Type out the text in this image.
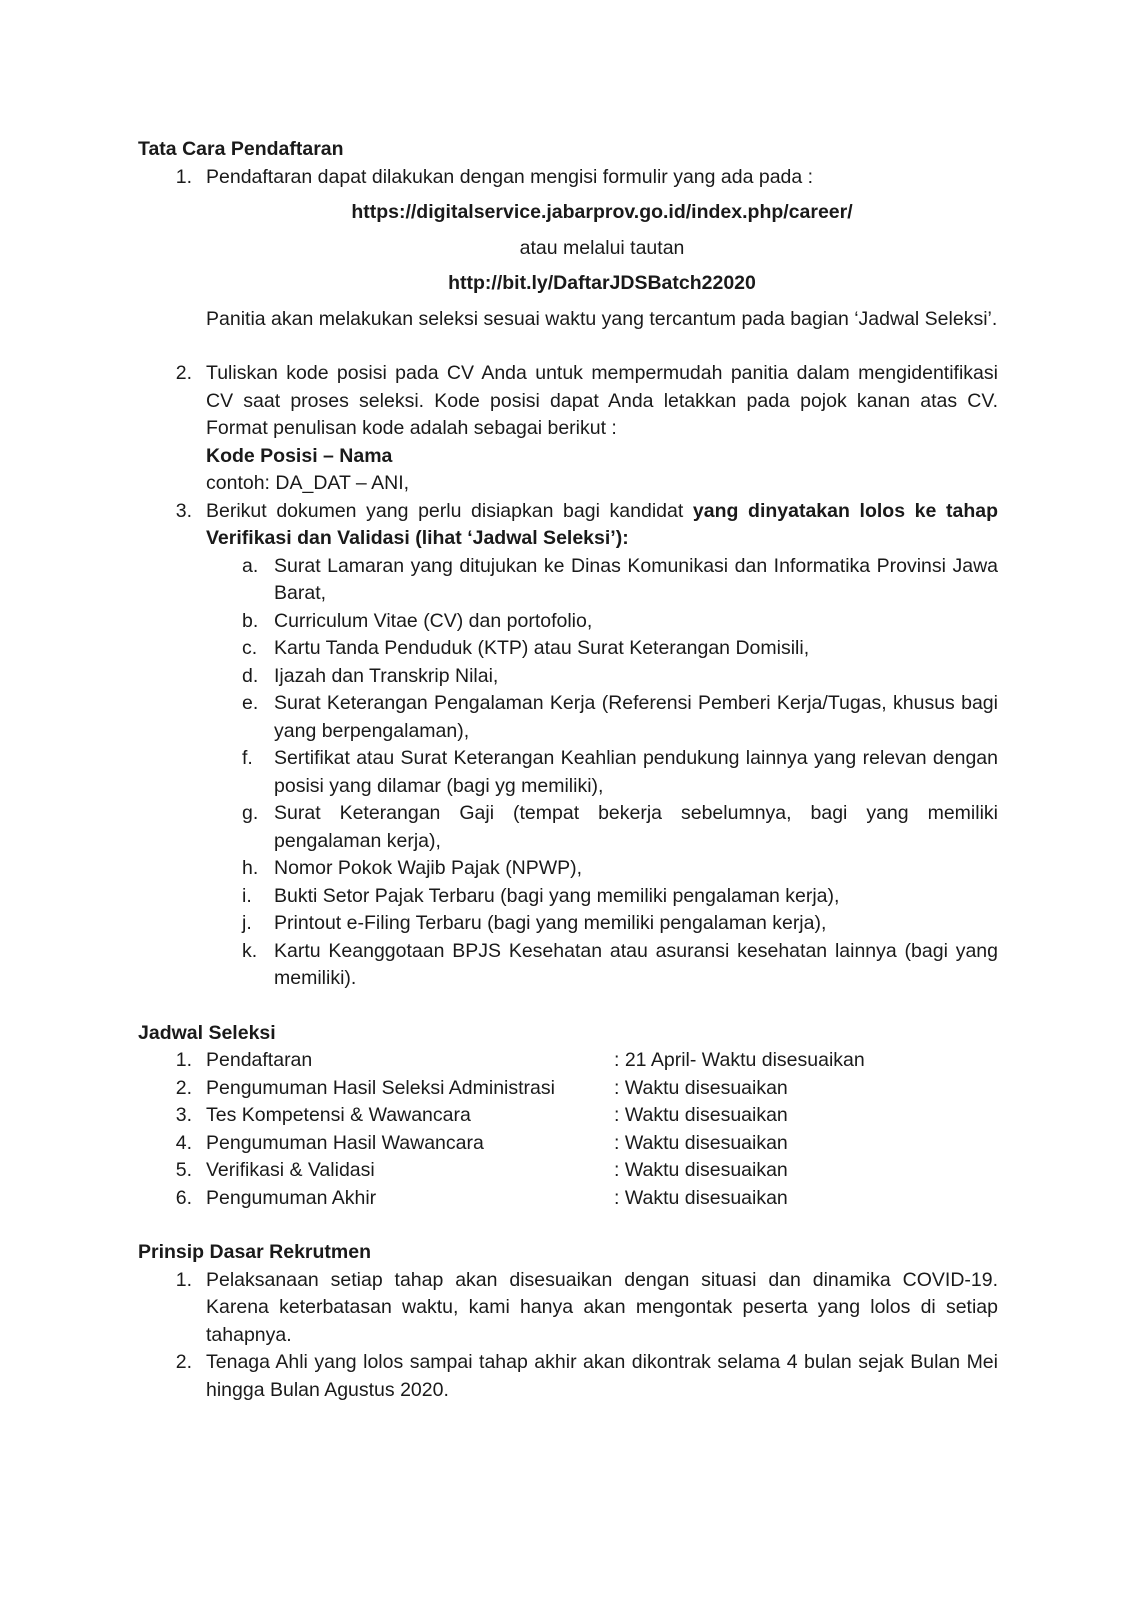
Tata Cara Pendaftaran
1. Pendaftaran dapat dilakukan dengan mengisi formulir yang ada pada :
https://digitalservice.jabarprov.go.id/index.php/career/
atau melalui tautan
http://bit.ly/DaftarJDSBatch22020
Panitia akan melakukan seleksi sesuai waktu yang tercantum pada bagian ‘Jadwal Seleksi’.
2. Tuliskan kode posisi pada CV Anda untuk mempermudah panitia dalam mengidentifikasi CV saat proses seleksi. Kode posisi dapat Anda letakkan pada pojok kanan atas CV. Format penulisan kode adalah sebagai berikut :
Kode Posisi – Nama
contoh: DA_DAT – ANI,
3. Berikut dokumen yang perlu disiapkan bagi kandidat yang dinyatakan lolos ke tahap Verifikasi dan Validasi (lihat ‘Jadwal Seleksi’):
a. Surat Lamaran yang ditujukan ke Dinas Komunikasi dan Informatika Provinsi Jawa Barat,
b. Curriculum Vitae (CV) dan portofolio,
c. Kartu Tanda Penduduk (KTP) atau Surat Keterangan Domisili,
d. Ijazah dan Transkrip Nilai,
e. Surat Keterangan Pengalaman Kerja (Referensi Pemberi Kerja/Tugas, khusus bagi yang berpengalaman),
f.	Sertifikat atau Surat Keterangan Keahlian pendukung lainnya yang relevan dengan posisi yang dilamar (bagi yg memiliki),
g. Surat Keterangan Gaji (tempat bekerja sebelumnya, bagi yang memiliki pengalaman kerja),
h. Nomor Pokok Wajib Pajak (NPWP),
i.	Bukti Setor Pajak Terbaru (bagi yang memiliki pengalaman kerja),
j.	Printout e-Filing Terbaru (bagi yang memiliki pengalaman kerja),
k. Kartu Keanggotaan BPJS Kesehatan atau asuransi kesehatan lainnya (bagi yang memiliki).
Jadwal Seleksi
1. Pendaftaran	: 21 April- Waktu disesuaikan
2. Pengumuman Hasil Seleksi Administrasi	: Waktu disesuaikan
3. Tes Kompetensi & Wawancara	: Waktu disesuaikan
4. Pengumuman Hasil Wawancara	: Waktu disesuaikan
5. Verifikasi & Validasi	: Waktu disesuaikan
6. Pengumuman Akhir	: Waktu disesuaikan
Prinsip Dasar Rekrutmen
1. Pelaksanaan setiap tahap akan disesuaikan dengan situasi dan dinamika COVID-19. Karena keterbatasan waktu, kami hanya akan mengontak peserta yang lolos di setiap tahapnya.
2. Tenaga Ahli yang lolos sampai tahap akhir akan dikontrak selama 4 bulan sejak Bulan Mei hingga Bulan Agustus 2020.
